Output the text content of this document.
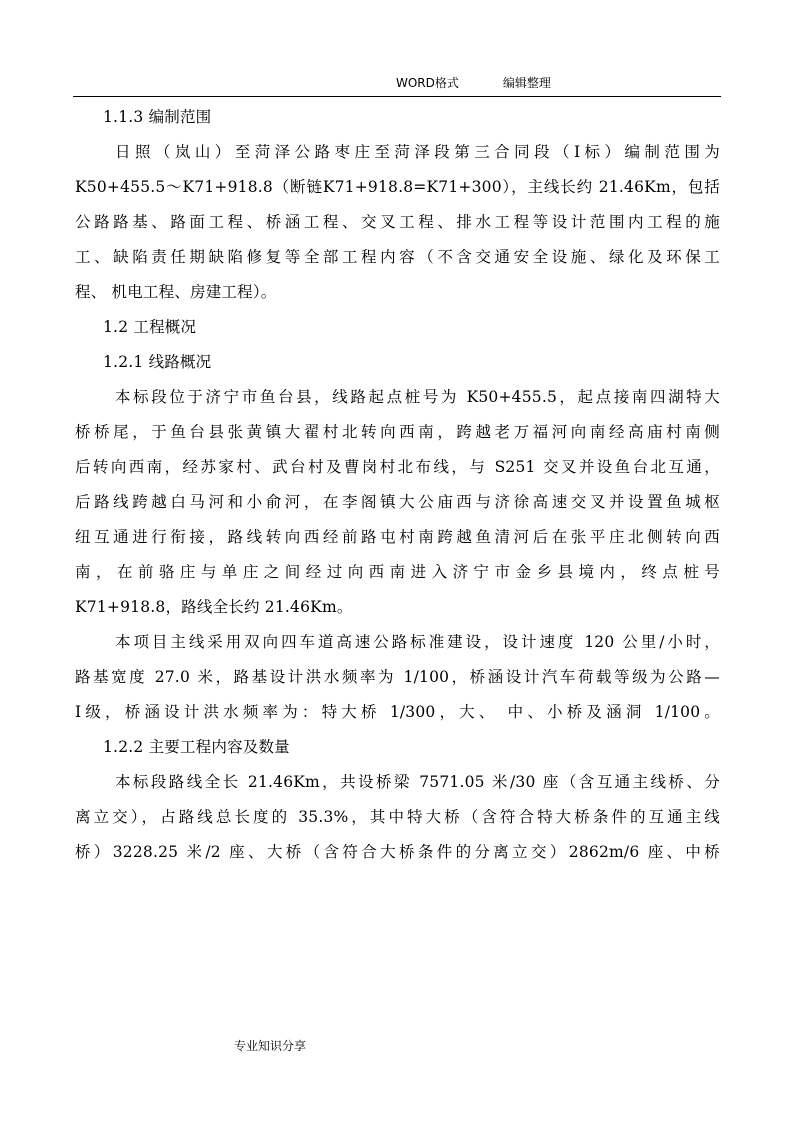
WORD格式	编辑整理
1.1.3 编制范围
日照（岚山）至菏泽公路枣庄至菏泽段第三合同段（Ⅰ标）编制范围为
K50+455.5～K71+918.8（断链K71+918.8=K71+300），主线长约 21.46Km，包括
公路路基、路面工程、桥涵工程、交叉工程、排水工程等设计范围内工程的施
工、缺陷责任期缺陷修复等全部工程内容（不含交通安全设施、绿化及环保工
程、 机电工程、房建工程）。
1.2 工程概况
1.2.1 线路概况
本标段位于济宁市鱼台县，线路起点桩号为 K50+455.5，起点接南四湖特大
桥桥尾，于鱼台县张黄镇大翟村北转向西南，跨越老万福河向南经高庙村南侧
后转向西南，经苏家村、武台村及曹岗村北布线，与 S251 交叉并设鱼台北互通，
后路线跨越白马河和小俞河，在李阁镇大公庙西与济徐高速交叉并设置鱼城枢
纽互通进行衔接，路线转向西经前路屯村南跨越鱼清河后在张平庄北侧转向西
南，在前骆庄与单庄之间经过向西南进入济宁市金乡县境内，终点桩号
K71+918.8，路线全长约 21.46Km。
本项目主线采用双向四车道高速公路标准建设，设计速度 120 公里/小时，
路基宽度 27.0 米，路基设计洪水频率为 1/100，桥涵设计汽车荷载等级为公路—
Ⅰ级，桥涵设计洪水频率为：特大桥 1/300，大、 中、小桥及涵洞 1/100。
1.2.2 主要工程内容及数量
本标段路线全长 21.46Km，共设桥梁 7571.05 米/30 座（含互通主线桥、分
离立交），占路线总长度的 35.3%，其中特大桥（含符合特大桥条件的互通主线
桥）3228.25 米/2 座、大桥（含符合大桥条件的分离立交）2862m/6 座、中桥
专业知识分享
